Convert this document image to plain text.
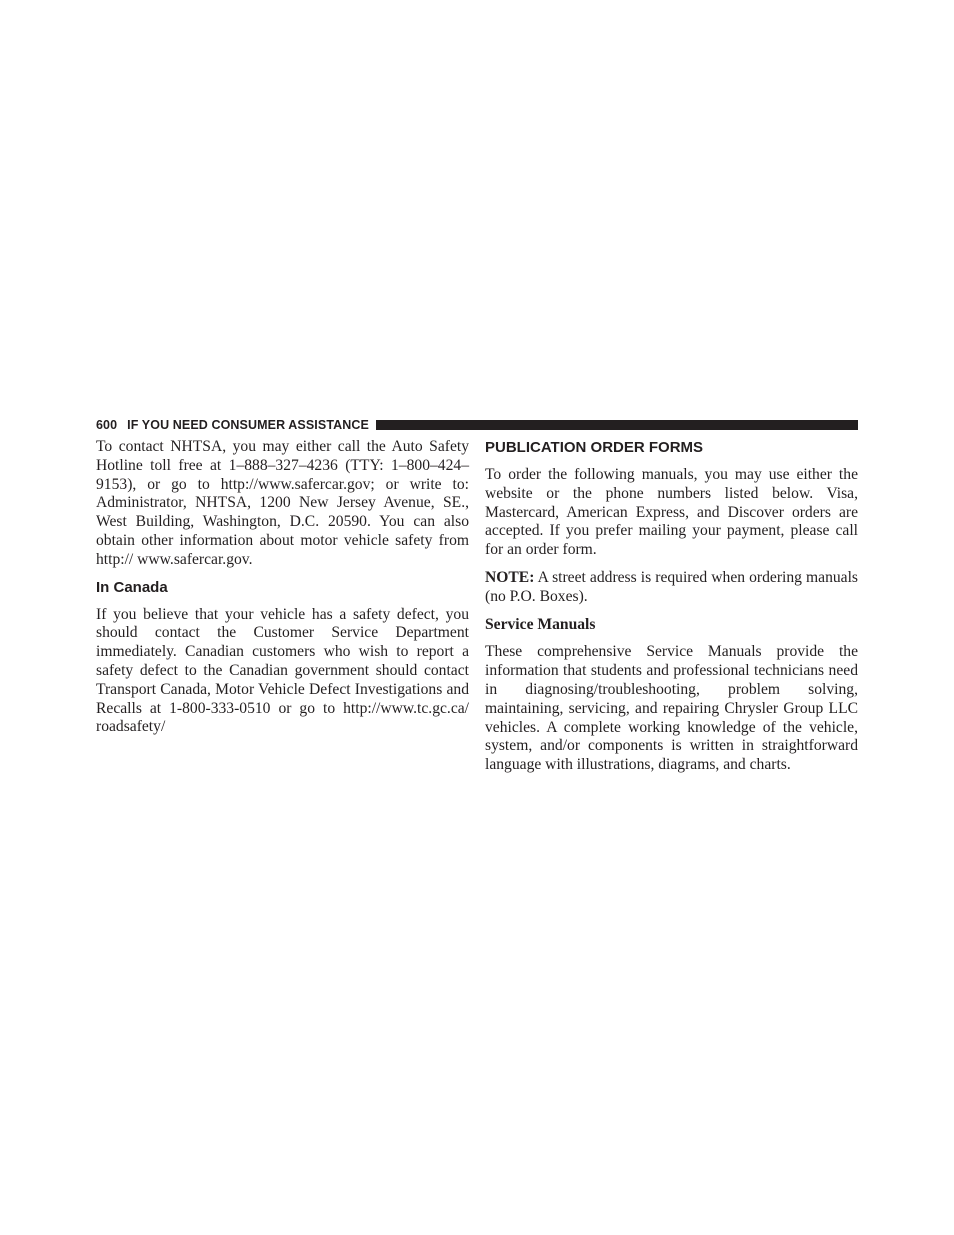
600 IF YOU NEED CONSUMER ASSISTANCE

To contact NHTSA, you may either call the Auto Safety Hotline toll free at 1–888–327–4236 (TTY: 1–800–424– 9153), or go to http://www.safercar.gov; or write to: Administrator, NHTSA, 1200 New Jersey Avenue, SE., West Building, Washington, D.C. 20590. You can also obtain other information about motor vehicle safety from http:// www.safercar.gov.

In Canada

If you believe that your vehicle has a safety defect, you should contact the Customer Service Department immediately. Canadian customers who wish to report a safety defect to the Canadian government should contact Transport Canada, Motor Vehicle Defect Investigations and Recalls at 1-800-333-0510 or go to http://www.tc.gc.ca/ roadsafety/

PUBLICATION ORDER FORMS

To order the following manuals, you may use either the website or the phone numbers listed below. Visa, Mastercard, American Express, and Discover orders are accepted. If you prefer mailing your payment, please call for an order form.

NOTE: A street address is required when ordering manuals (no P.O. Boxes).

Service Manuals

These comprehensive Service Manuals provide the information that students and professional technicians need in diagnosing/troubleshooting, problem solving, maintaining, servicing, and repairing Chrysler Group LLC vehicles. A complete working knowledge of the vehicle, system, and/or components is written in straightforward language with illustrations, diagrams, and charts.
